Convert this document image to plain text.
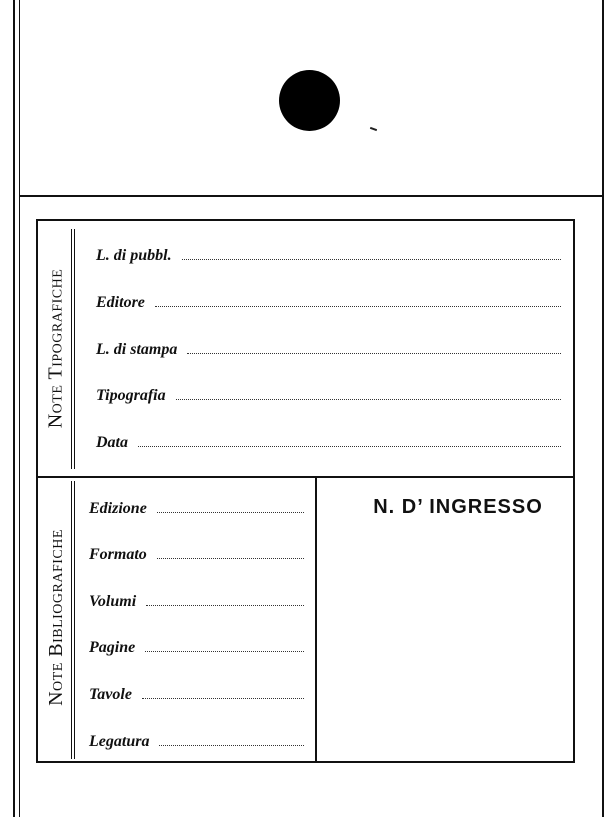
Note Tipografiche
L. di pubbl.
Editore
L. di stampa
Tipografia
Data
Note Bibliografiche
Edizione
Formato
Volumi
Pagine
Tavole
Legatura
N. D’ INGRESSO
